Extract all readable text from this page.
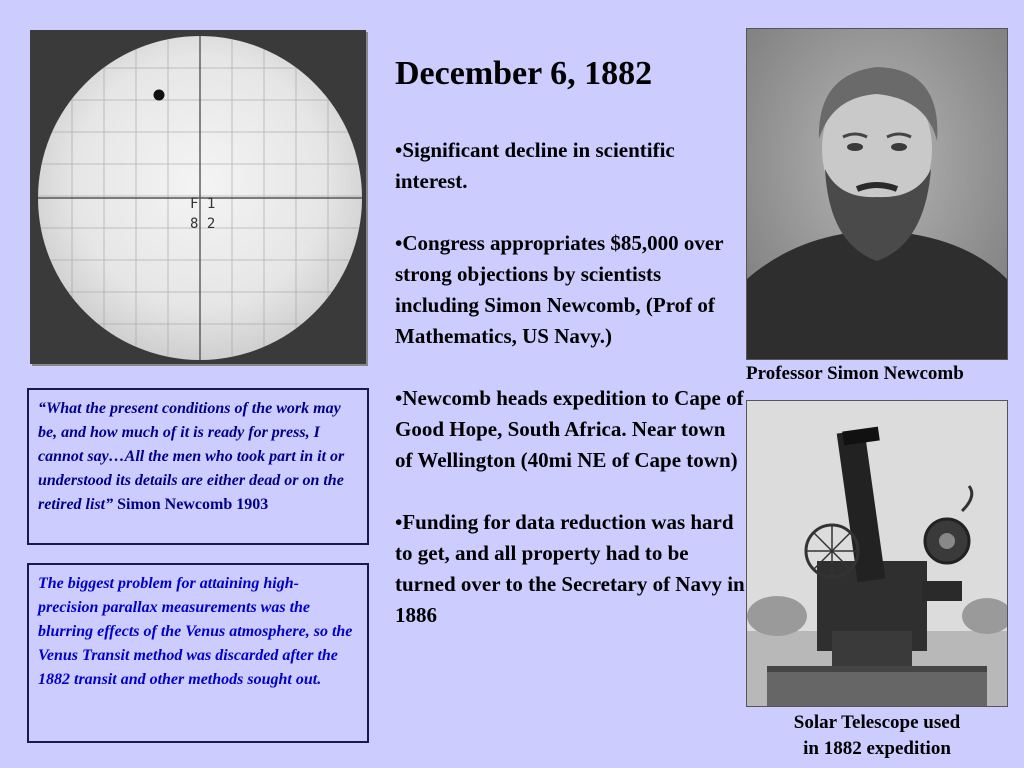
F 1
8 2
December 6, 1882

•Significant decline in scientific interest.

•Congress appropriates $85,000 over strong objections by scientists including Simon Newcomb, (Prof of Mathematics, US Navy.)

•Newcomb heads expedition to Cape of Good Hope, South Africa. Near town of Wellington (40mi NE of Cape town)

•Funding for data reduction was hard to get, and all property had to be turned over to the Secretary of Navy in 1886

Professor Simon Newcomb
Solar Telescope used
in 1882 expedition
“What the present conditions of the work may be, and how much of it is ready for press, I cannot say…All the men who took part in it or understood its details are either dead or on the retired list” Simon Newcomb 1903
The biggest problem for attaining high-precision parallax measurements was the blurring effects of the Venus atmosphere, so the Venus Transit method was discarded after the 1882 transit and other methods sought out.
